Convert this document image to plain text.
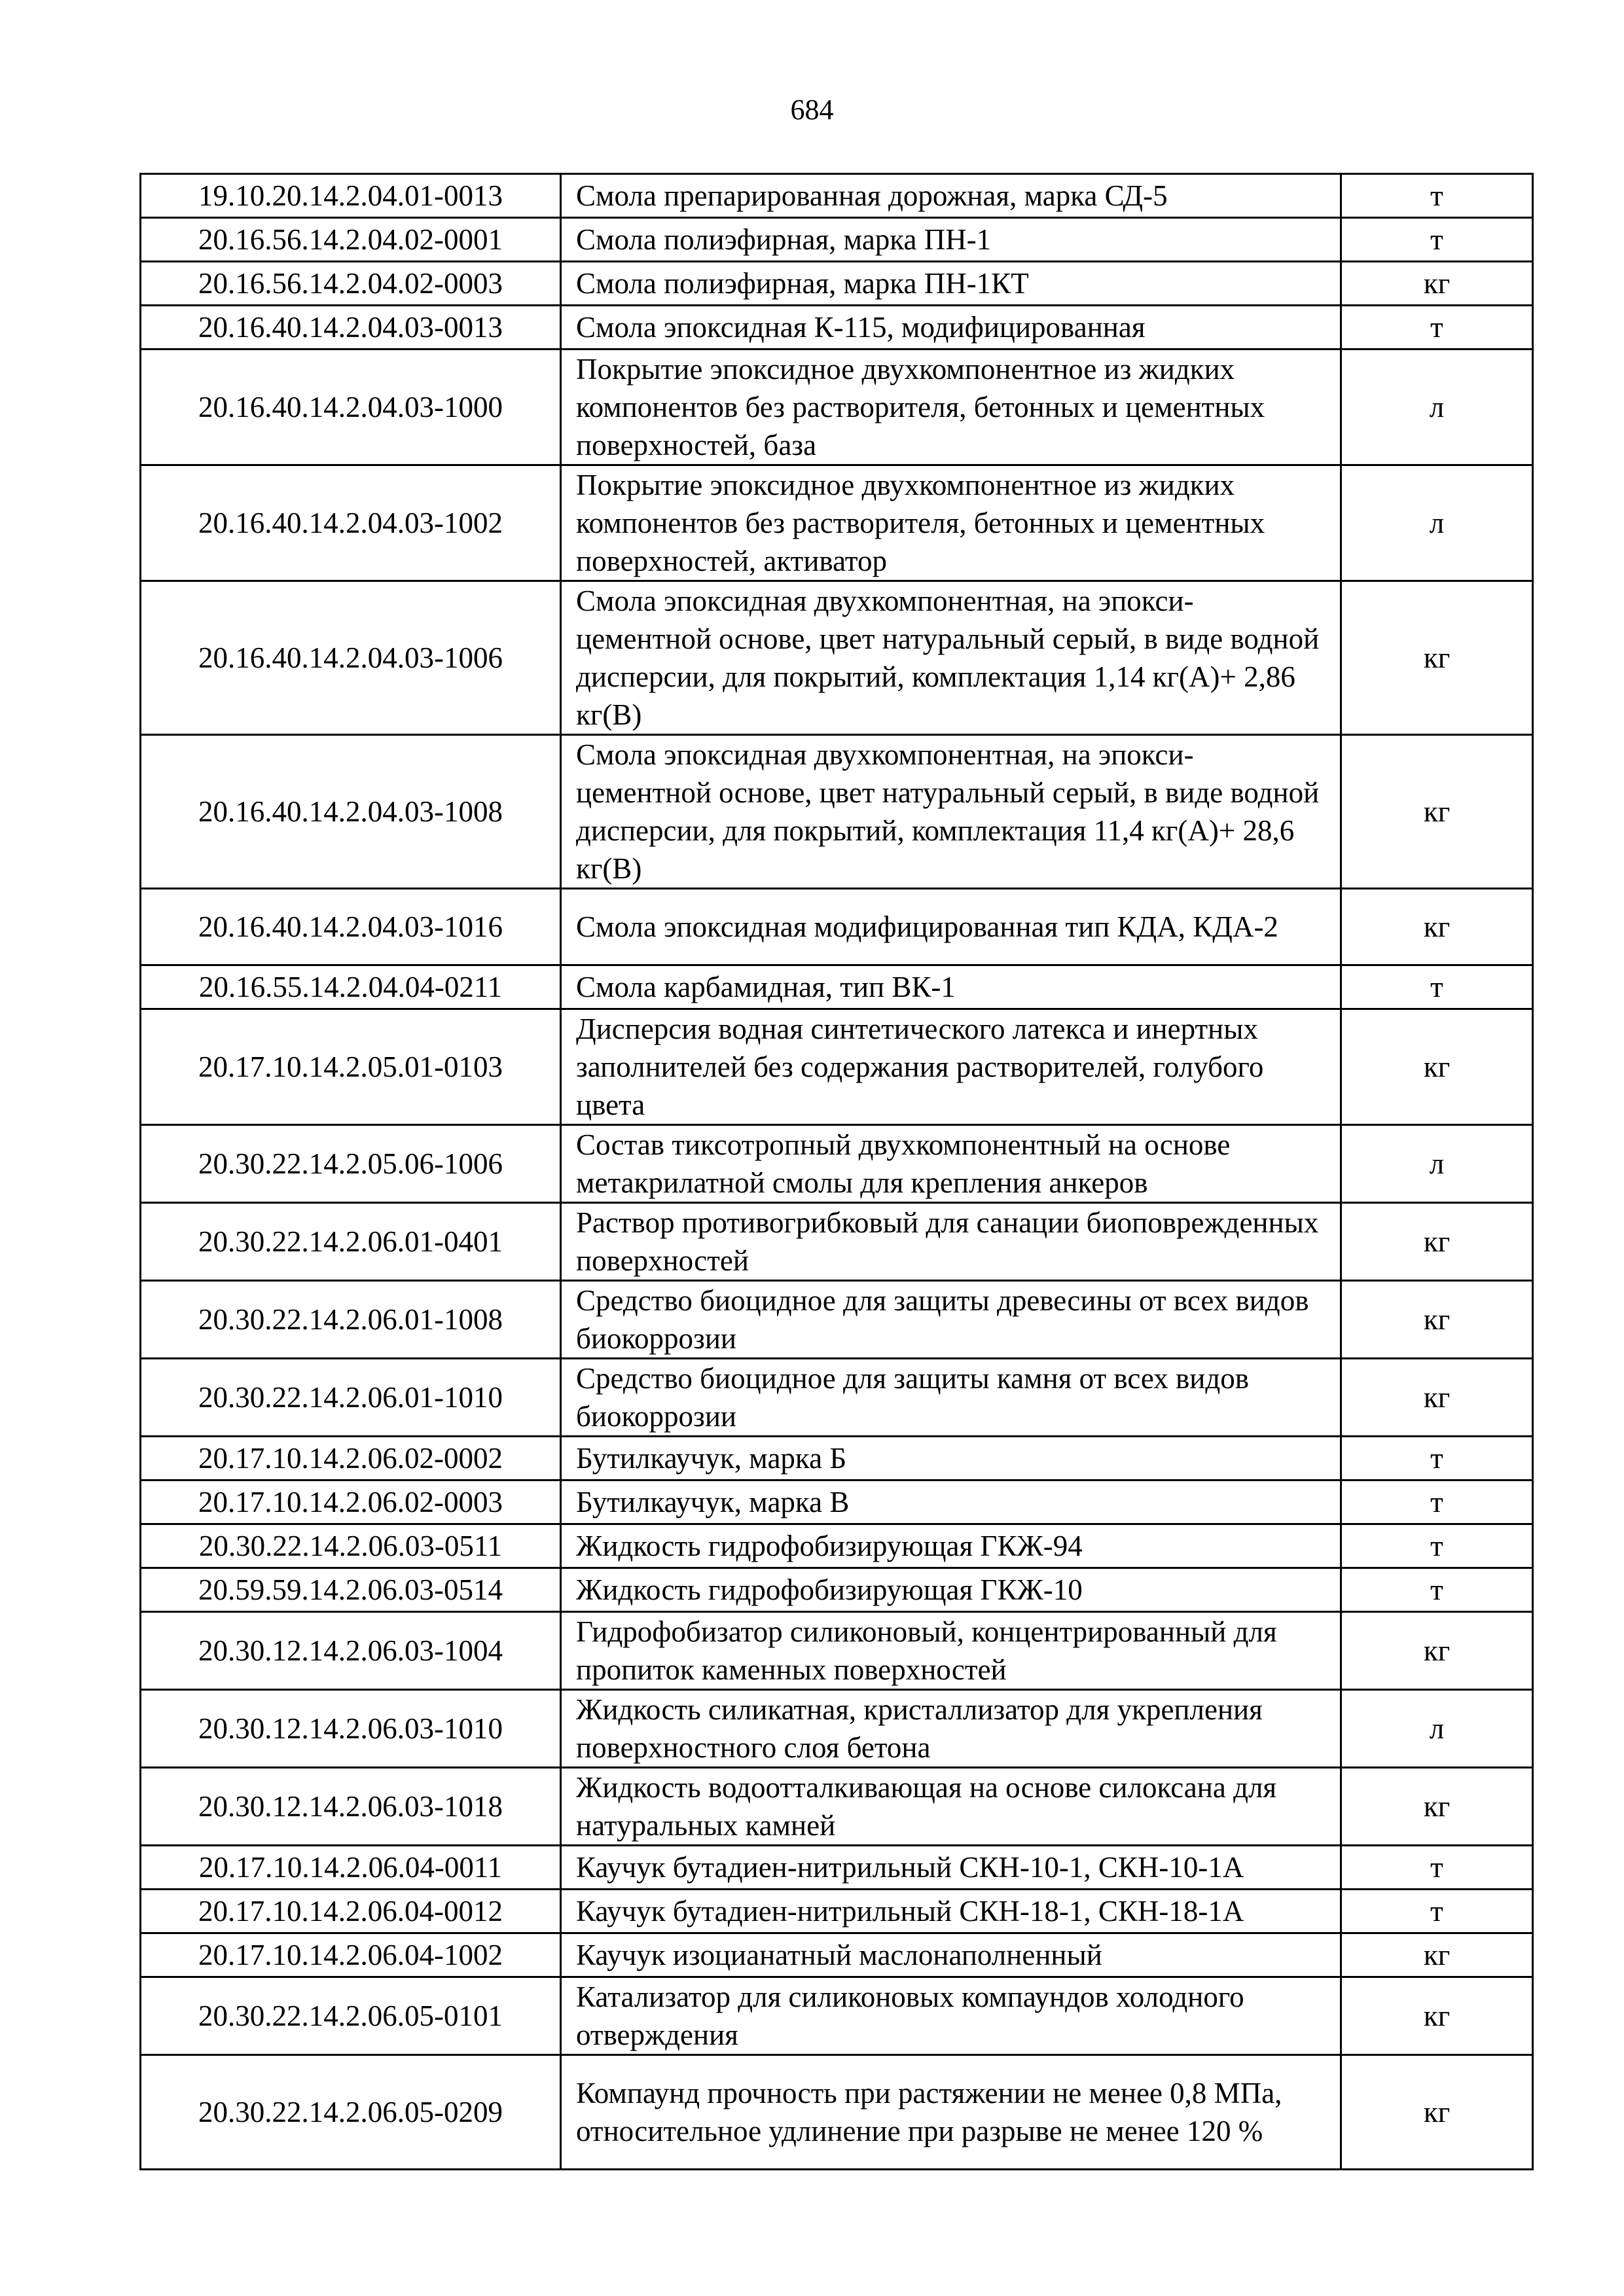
684
19.10.20.14.2.04.01-0013	Смола препарированная дорожная, марка СД-5	т
20.16.56.14.2.04.02-0001	Смола полиэфирная, марка ПН-1	т
20.16.56.14.2.04.02-0003	Смола полиэфирная, марка ПН-1КТ	кг
20.16.40.14.2.04.03-0013	Смола эпоксидная К-115, модифицированная	т
20.16.40.14.2.04.03-1000	Покрытие эпоксидное двухкомпонентное из жидких компонентов без растворителя, бетонных и цементных поверхностей, база	л
20.16.40.14.2.04.03-1002	Покрытие эпоксидное двухкомпонентное из жидких компонентов без растворителя, бетонных и цементных поверхностей, активатор	л
20.16.40.14.2.04.03-1006	Смола эпоксидная двухкомпонентная, на эпокси-цементной основе, цвет натуральный серый, в виде водной дисперсии, для покрытий, комплектация 1,14 кг(А)+ 2,86 кг(В)	кг
20.16.40.14.2.04.03-1008	Смола эпоксидная двухкомпонентная, на эпокси-цементной основе, цвет натуральный серый, в виде водной дисперсии, для покрытий, комплектация 11,4 кг(А)+ 28,6 кг(В)	кг
20.16.40.14.2.04.03-1016	Смола эпоксидная модифицированная тип КДА, КДА-2	кг
20.16.55.14.2.04.04-0211	Смола карбамидная, тип ВК-1	т
20.17.10.14.2.05.01-0103	Дисперсия водная синтетического латекса и инертных заполнителей без содержания растворителей, голубого цвета	кг
20.30.22.14.2.05.06-1006	Состав тиксотропный двухкомпонентный на основе метакрилатной смолы для крепления анкеров	л
20.30.22.14.2.06.01-0401	Раствор противогрибковый для санации биоповрежденных поверхностей	кг
20.30.22.14.2.06.01-1008	Средство биоцидное для защиты древесины от всех видов биокоррозии	кг
20.30.22.14.2.06.01-1010	Средство биоцидное для защиты камня от всех видов биокоррозии	кг
20.17.10.14.2.06.02-0002	Бутилкаучук, марка Б	т
20.17.10.14.2.06.02-0003	Бутилкаучук, марка В	т
20.30.22.14.2.06.03-0511	Жидкость гидрофобизирующая ГКЖ-94	т
20.59.59.14.2.06.03-0514	Жидкость гидрофобизирующая ГКЖ-10	т
20.30.12.14.2.06.03-1004	Гидрофобизатор силиконовый, концентрированный для пропиток каменных поверхностей	кг
20.30.12.14.2.06.03-1010	Жидкость силикатная, кристаллизатор для укрепления поверхностного слоя бетона	л
20.30.12.14.2.06.03-1018	Жидкость водоотталкивающая на основе силоксана для натуральных камней	кг
20.17.10.14.2.06.04-0011	Каучук бутадиен-нитрильный СКН-10-1, СКН-10-1А	т
20.17.10.14.2.06.04-0012	Каучук бутадиен-нитрильный СКН-18-1, СКН-18-1А	т
20.17.10.14.2.06.04-1002	Каучук изоцианатный маслонаполненный	кг
20.30.22.14.2.06.05-0101	Катализатор для силиконовых компаундов холодного отверждения	кг
20.30.22.14.2.06.05-0209	Компаунд прочность при растяжении не менее 0,8 МПа, относительное удлинение при разрыве не менее 120 %	кг
